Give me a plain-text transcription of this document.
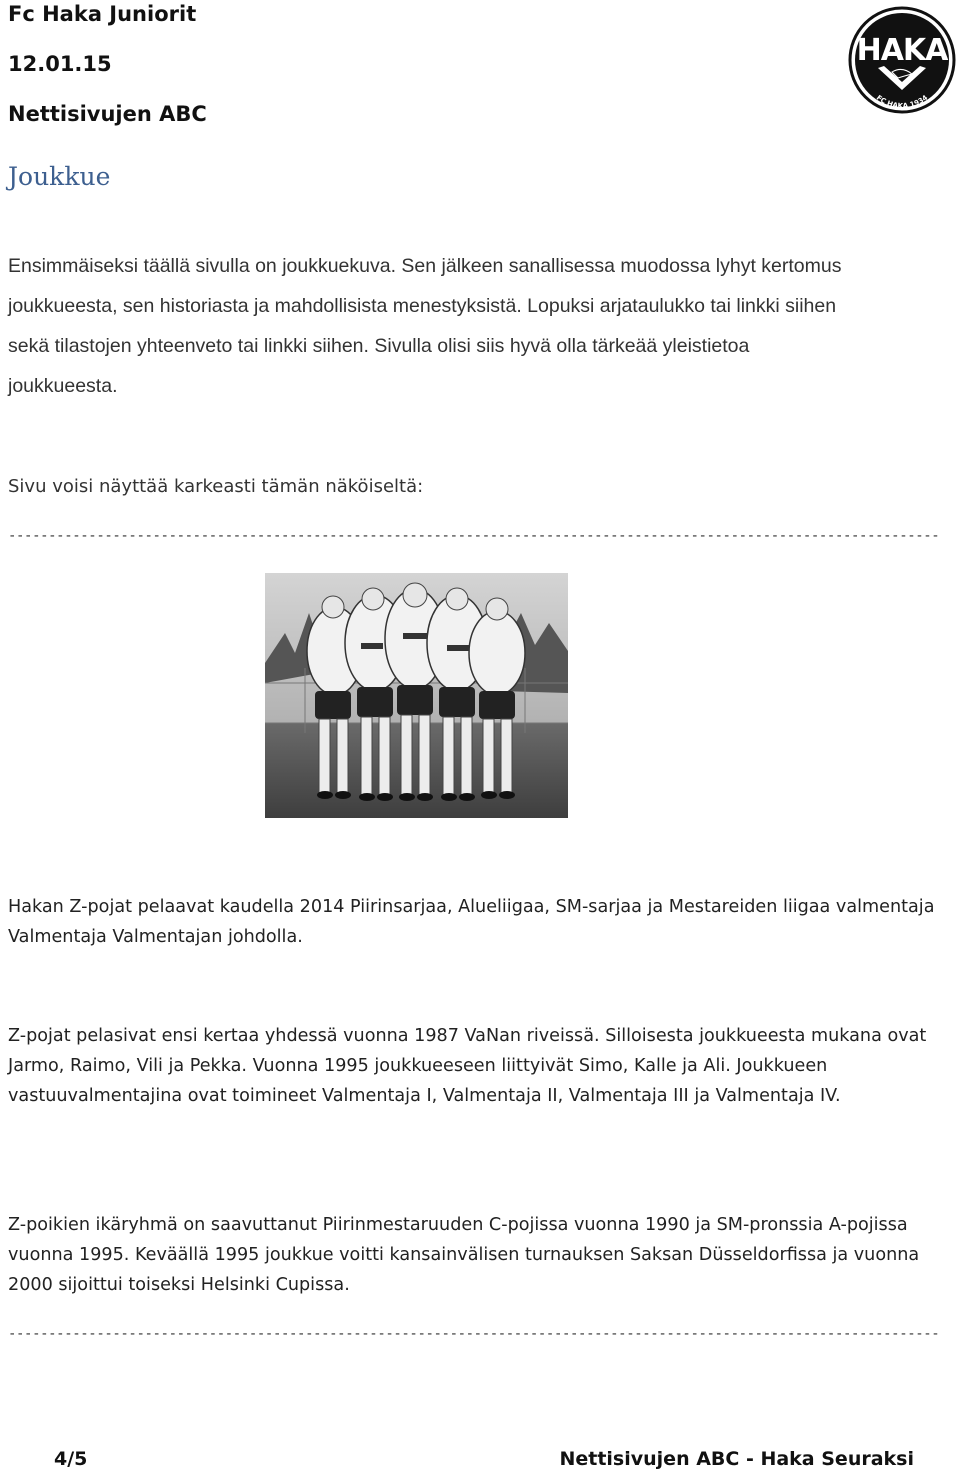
Fc Haka Juniorit
12.01.15
Nettisivujen ABC
HAKA
FC HAKA 1934
Joukkue
Ensimmäiseksi täällä sivulla on joukkuekuva. Sen jälkeen sanallisessa muodossa lyhyt kertomus
joukkueesta, sen historiasta ja mahdollisista menestyksistä. Lopuksi arjataulukko tai linkki siihen
sekä tilastojen yhteenveto tai linkki siihen. Sivulla olisi siis hyvä olla tärkeää yleistietoa
joukkueesta.
Sivu voisi näyttää karkeasti tämän näköiseltä:
--------------------------------------------------------------------------------------------------------------------
Hakan Z-pojat pelaavat kaudella 2014 Piirinsarjaa, Alueliigaa, SM-sarjaa ja Mestareiden liigaa valmentaja Valmentaja Valmentajan johdolla.
Z-pojat pelasivat ensi kertaa yhdessä vuonna 1987 VaNan riveissä. Silloisesta joukkueesta mukana ovat Jarmo, Raimo, Vili ja Pekka. Vuonna 1995 joukkueeseen liittyivät Simo, Kalle ja Ali. Joukkueen vastuuvalmentajina ovat toimineet Valmentaja I, Valmentaja II, Valmentaja III ja Valmentaja IV.
Z-poikien ikäryhmä on saavuttanut Piirinmestaruuden C-pojissa vuonna 1990 ja SM-pronssia A-pojissa vuonna 1995. Keväällä 1995 joukkue voitti kansainvälisen turnauksen Saksan Düsseldorfissa ja vuonna 2000 sijoittui toiseksi Helsinki Cupissa.
--------------------------------------------------------------------------------------------------------------------
4/5	Nettisivujen ABC - Haka Seuraksi
